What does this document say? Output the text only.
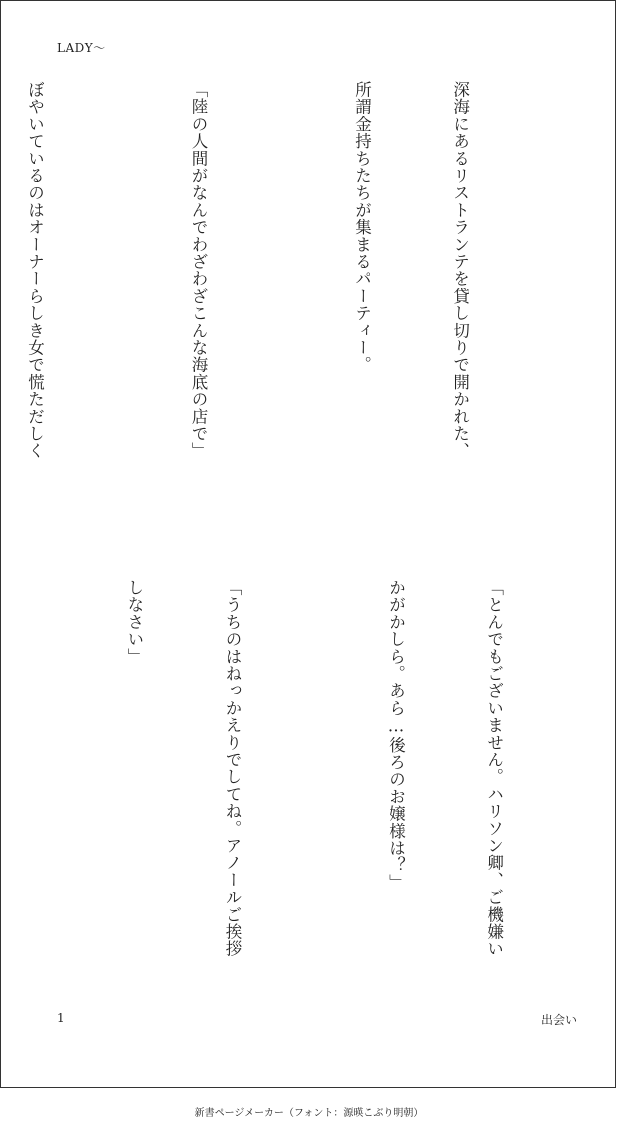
LADY〜

深海にあるリストランテを貸し切りで開かれた、

所謂金持ちたちが集まるパーティー。

「陸の人間がなんでわざわざこんな海底の店で」

ぼやいているのはオーナーらしき女で慌ただしく

「とんでもございません。ハリソン卿、ご機嫌い

かがかしら。あら…後ろのお嬢様は？」

「うちのはねっかえりでしてね。アノールご挨拶

しなさい」

1	出会い
新書ページメーカー（フォント：源暎こぶり明朝）
